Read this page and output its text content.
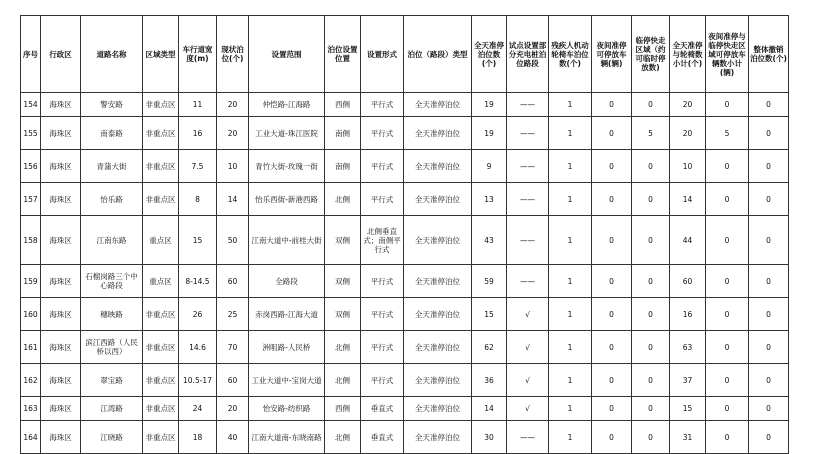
序号	行政区	道路名称	区域类型	车行道宽度(m)	现状泊位(个)	设置范围	泊位设置位置	设置形式	泊位（路段）类型	全天准停泊位数(个)	试点设置部分充电桩泊位路段	残疾人机动轮椅车泊位数(个)	夜间准停可停放车辆(辆)	临停快走区域（约可临时停放数)	全天准停与轮椅数小计(个)	夜间准停与临停快走区域可停放车辆数小计(辆)	整体撤销泊位数(个)
154	海珠区	警安路	非重点区	11	20	仲恺路-江海路	西侧	平行式	全天准停泊位	19	——	1	0	0	20	0	0
155	海珠区	南泰路	非重点区	16	20	工业大道-珠江医院	南侧	平行式	全天准停泊位	19	——	1	0	5	20	5	0
156	海珠区	青蒲大街	非重点区	7.5	10	青竹大街-玫瑰一街	南侧	平行式	全天准停泊位	9	——	1	0	0	10	0	0
157	海珠区	怡乐路	非重点区	8	14	怡乐西街-新港西路	北侧	平行式	全天准停泊位	13	——	1	0	0	14	0	0
158	海珠区	江南东路	重点区	15	50	江南大道中-前桂大街	双侧	北侧垂直式；南侧平行式	全天准停泊位	43	——	1	0	0	44	0	0
159	海珠区	石榴岗路三个中心路段	重点区	8-14.5	60	全路段	双侧	平行式	全天准停泊位	59	——	1	0	0	60	0	0
160	海珠区	穗映路	非重点区	26	25	赤岗西路-江海大道	双侧	平行式	全天准停泊位	15	√	1	0	0	16	0	0
161	海珠区	滨江西路（人民桥以西）	非重点区	14.6	70	洲咀路-人民桥	北侧	平行式	全天准停泊位	62	√	1	0	0	63	0	0
162	海珠区	翠宝路	非重点区	10.5-17	60	工业大道中-宝岗大道	北侧	平行式	全天准停泊位	36	√	1	0	0	37	0	0
163	海珠区	江湾路	非重点区	24	20	怡安路-纺织路	西侧	垂直式	全天准停泊位	14	√	1	0	0	15	0	0
164	海珠区	江晓路	非重点区	18	40	江南大道南-东晓南路	北侧	垂直式	全天准停泊位	30	——	1	0	0	31	0	0
